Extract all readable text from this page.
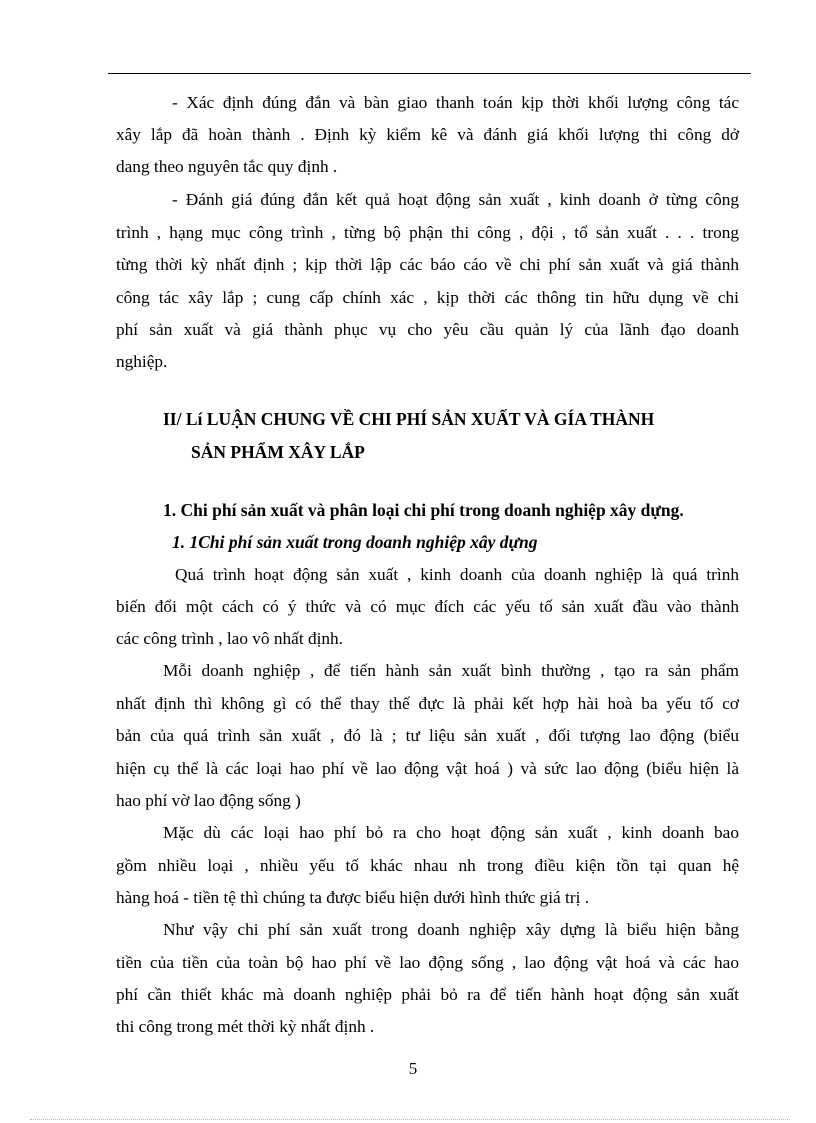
- Xác định đúng đắn và bàn giao thanh toán kịp thời khối lượng công tác
xây lắp đã hoàn thành . Định kỳ kiểm kê và đánh giá khối lượng thi công dở
dang theo nguyên tắc quy định .
- Đánh giá đúng đắn kết quả hoạt động sản xuất , kinh doanh ở từng công
trình , hạng mục công trình , từng bộ phận thi công , đội , tổ sản xuất . . . trong
từng thời kỳ nhất định ; kịp thời lập các báo cáo về chi phí sản xuất và giá thành
công tác xây lắp ; cung cấp chính xác , kịp thời các thông tin hữu dụng về chi
phí sản xuất và giá thành phục vụ cho yêu cầu quản lý của lãnh đạo doanh
nghiệp.
II/ Lí LUẬN CHUNG VỀ CHI PHÍ SẢN XUẤT VÀ GÍA THÀNH
SẢN PHẨM XÂY LẮP
1. Chi phí sản xuất và phân loại chi phí trong doanh nghiệp xây dựng.
1. 1Chi phí sản xuất trong doanh nghiệp xây dựng
Quá trình hoạt động sản xuất , kinh doanh của doanh nghiệp là quá trình
biến đổi một cách có ý thức và có mục đích các yếu tố sản xuất đầu vào thành
các công trình , lao vô nhất định.
Mỗi doanh nghiệp , để tiến hành sản xuất bình thường , tạo ra sản phẩm
nhất định thì không gì có thể thay thế đực là phải kết hợp hài hoà ba yếu tố cơ
bản của quá trình sản xuất , đó là ; tư liệu sản xuất , đối tượng lao động (biểu
hiện cụ thể là các loại hao phí về lao động vật hoá ) và sức lao động (biểu hiện là
hao phí vờ lao động sống )
Mặc dù các loại hao phí bỏ ra cho hoạt động sản xuất , kinh doanh bao
gồm nhiều loại , nhiều yếu tố khác nhau nh trong điều kiện tồn tại quan hệ
hàng hoá - tiền tệ thì chúng ta được biểu hiện dưới hình thức giá trị .
Như vậy chi phí sản xuất trong doanh nghiệp xây dựng là biểu hiện bằng
tiền của tiền của toàn bộ hao phí về lao động sống , lao động vật hoá và các hao
phí cần thiết khác mà doanh nghiệp phải bỏ ra để tiến hành hoạt động sản xuất
thi công trong mét thời kỳ nhất định .
5
